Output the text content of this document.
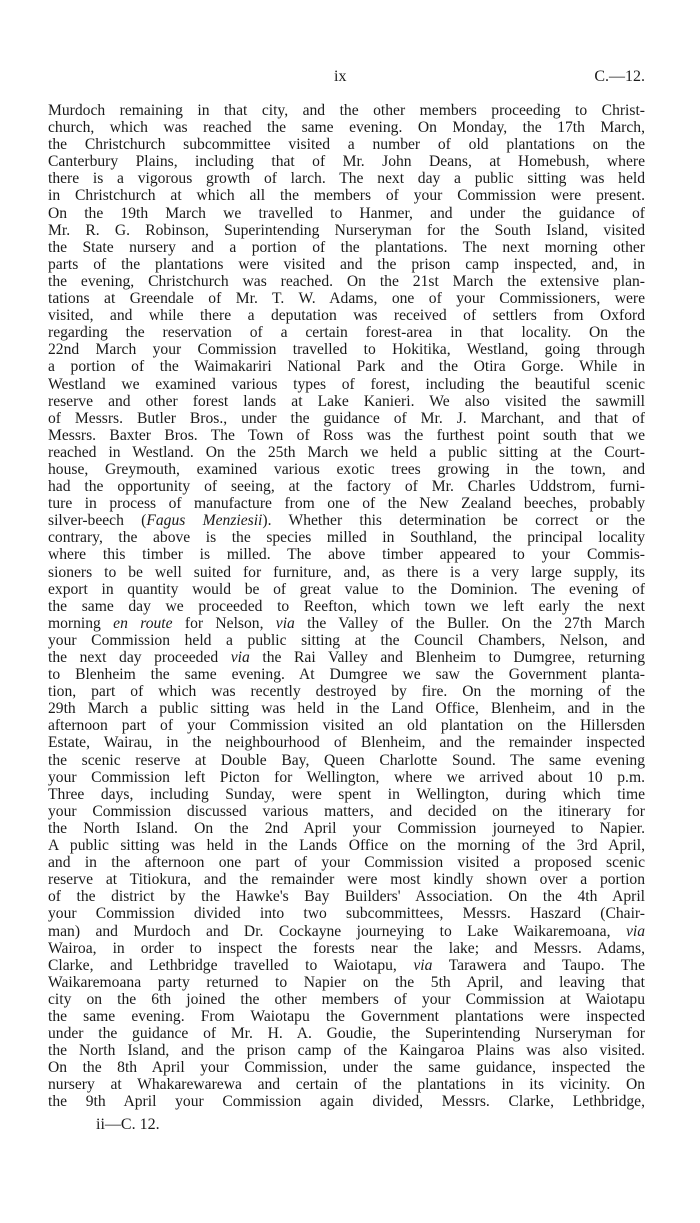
ix	C.—12.
Murdoch remaining in that city, and the other members proceeding to Christ-
church, which was reached the same evening. On Monday, the 17th March,
the Christchurch subcommittee visited a number of old plantations on the
Canterbury Plains, including that of Mr. John Deans, at Homebush, where
there is a vigorous growth of larch. The next day a public sitting was held
in Christchurch at which all the members of your Commission were present.
On the 19th March we travelled to Hanmer, and under the guidance of
Mr. R. G. Robinson, Superintending Nurseryman for the South Island, visited
the State nursery and a portion of the plantations. The next morning other
parts of the plantations were visited and the prison camp inspected, and, in
the evening, Christchurch was reached. On the 21st March the extensive plan-
tations at Greendale of Mr. T. W. Adams, one of your Commissioners, were
visited, and while there a deputation was received of settlers from Oxford
regarding the reservation of a certain forest-area in that locality. On the
22nd March your Commission travelled to Hokitika, Westland, going through
a portion of the Waimakariri National Park and the Otira Gorge. While in
Westland we examined various types of forest, including the beautiful scenic
reserve and other forest lands at Lake Kanieri. We also visited the sawmill
of Messrs. Butler Bros., under the guidance of Mr. J. Marchant, and that of
Messrs. Baxter Bros. The Town of Ross was the furthest point south that we
reached in Westland. On the 25th March we held a public sitting at the Court-
house, Greymouth, examined various exotic trees growing in the town, and
had the opportunity of seeing, at the factory of Mr. Charles Uddstrom, furni-
ture in process of manufacture from one of the New Zealand beeches, probably
silver-beech (Fagus Menziesii). Whether this determination be correct or the
contrary, the above is the species milled in Southland, the principal locality
where this timber is milled. The above timber appeared to your Commis-
sioners to be well suited for furniture, and, as there is a very large supply, its
export in quantity would be of great value to the Dominion. The evening of
the same day we proceeded to Reefton, which town we left early the next
morning en route for Nelson, via the Valley of the Buller. On the 27th March
your Commission held a public sitting at the Council Chambers, Nelson, and
the next day proceeded via the Rai Valley and Blenheim to Dumgree, returning
to Blenheim the same evening. At Dumgree we saw the Government planta-
tion, part of which was recently destroyed by fire. On the morning of the
29th March a public sitting was held in the Land Office, Blenheim, and in the
afternoon part of your Commission visited an old plantation on the Hillersden
Estate, Wairau, in the neighbourhood of Blenheim, and the remainder inspected
the scenic reserve at Double Bay, Queen Charlotte Sound. The same evening
your Commission left Picton for Wellington, where we arrived about 10 p.m.
Three days, including Sunday, were spent in Wellington, during which time
your Commission discussed various matters, and decided on the itinerary for
the North Island. On the 2nd April your Commission journeyed to Napier.
A public sitting was held in the Lands Office on the morning of the 3rd April,
and in the afternoon one part of your Commission visited a proposed scenic
reserve at Titiokura, and the remainder were most kindly shown over a portion
of the district by the Hawke's Bay Builders' Association. On the 4th April
your Commission divided into two subcommittees, Messrs. Haszard (Chair-
man) and Murdoch and Dr. Cockayne journeying to Lake Waikaremoana, via
Wairoa, in order to inspect the forests near the lake; and Messrs. Adams,
Clarke, and Lethbridge travelled to Waiotapu, via Tarawera and Taupo. The
Waikaremoana party returned to Napier on the 5th April, and leaving that
city on the 6th joined the other members of your Commission at Waiotapu
the same evening. From Waiotapu the Government plantations were inspected
under the guidance of Mr. H. A. Goudie, the Superintending Nurseryman for
the North Island, and the prison camp of the Kaingaroa Plains was also visited.
On the 8th April your Commission, under the same guidance, inspected the
nursery at Whakarewarewa and certain of the plantations in its vicinity. On
the 9th April your Commission again divided, Messrs. Clarke, Lethbridge,
ii—C. 12.
